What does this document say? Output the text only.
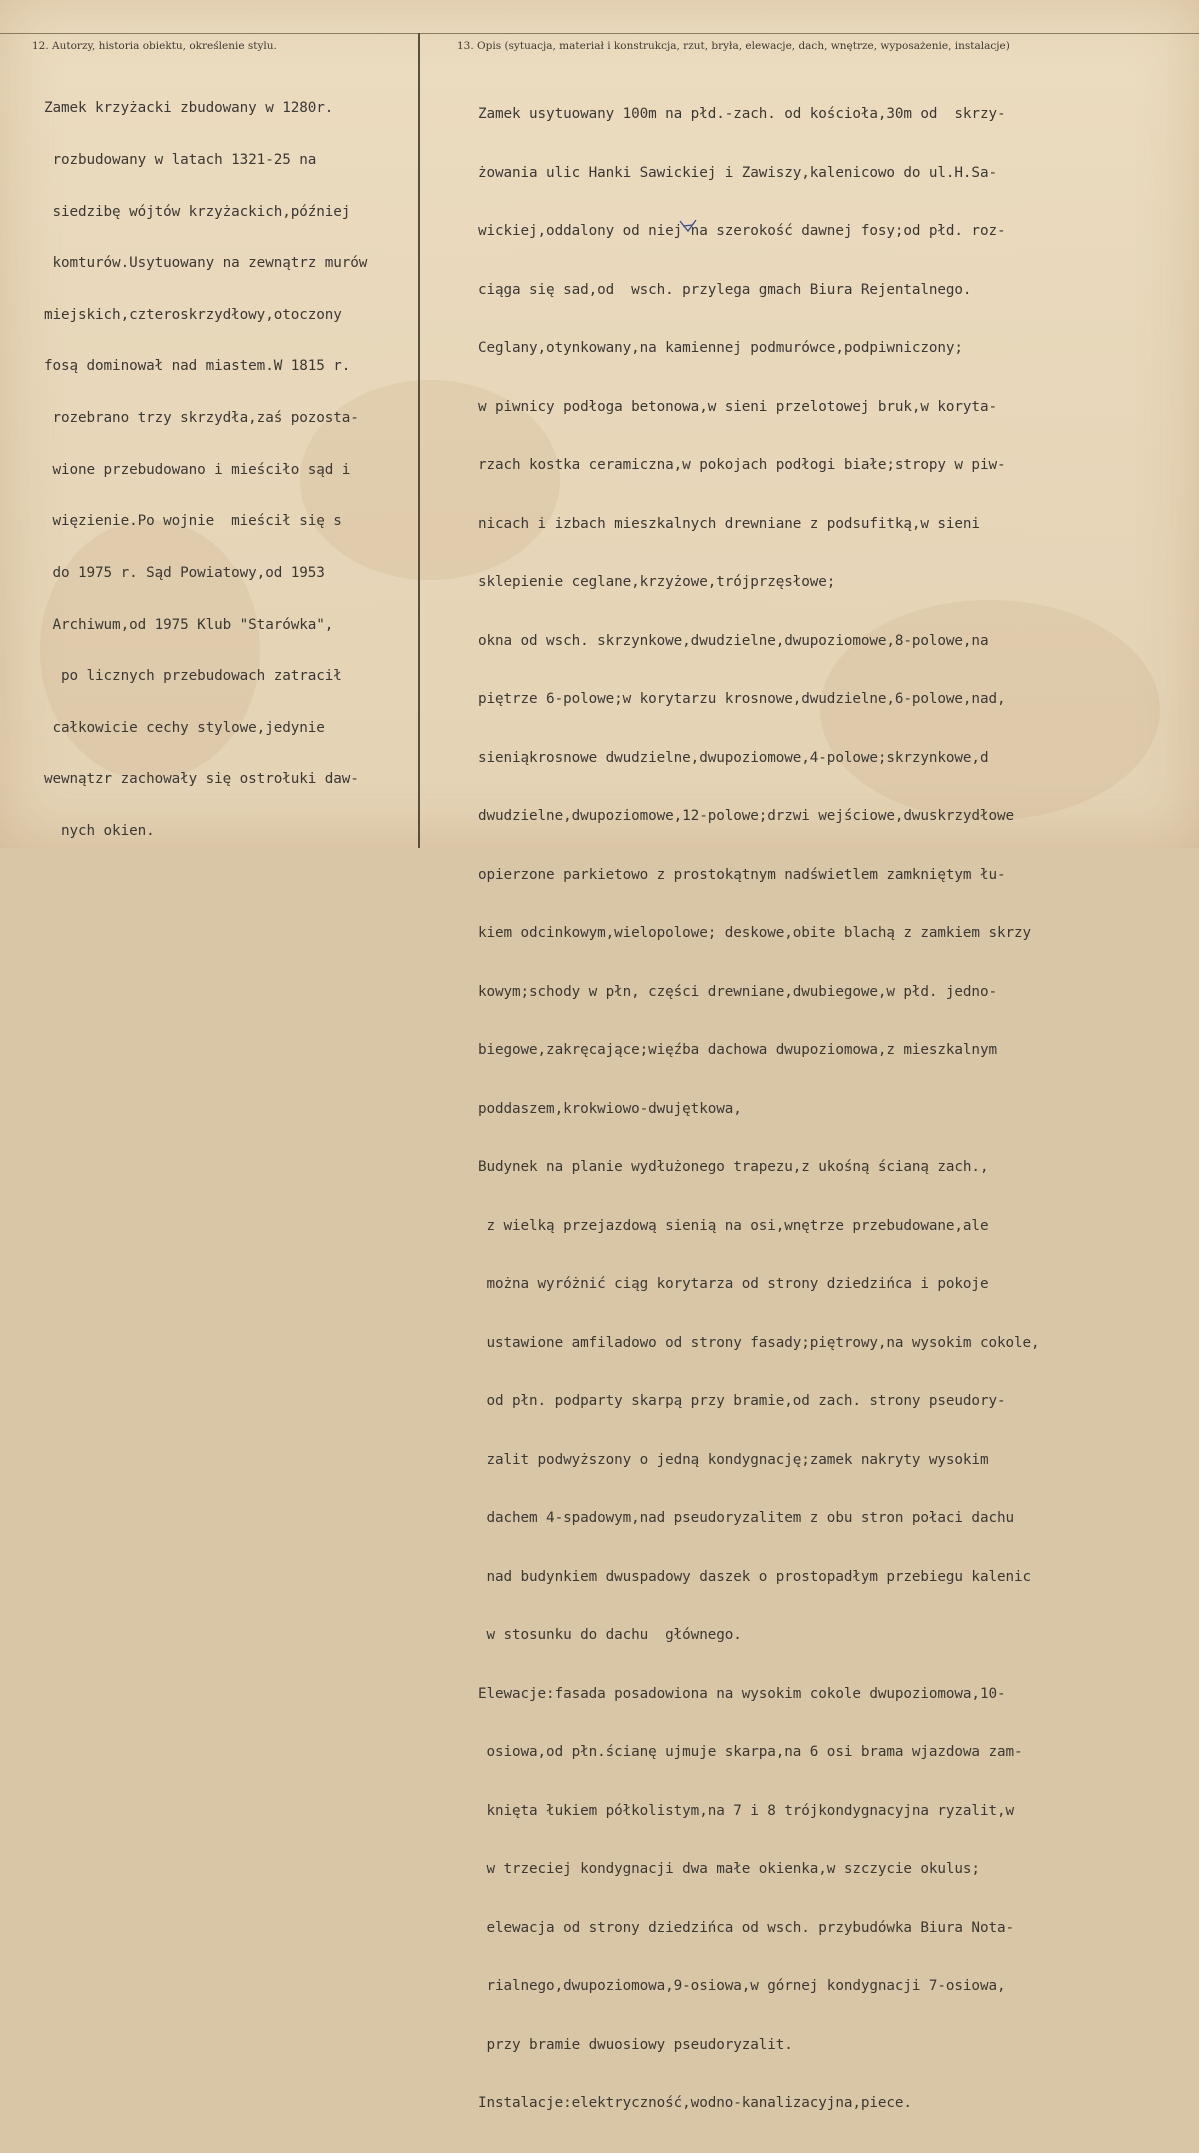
12. Autorzy, historia obiektu, określenie stylu.	13. Opis (sytuacja, materiał i konstrukcja, rzut, bryła, elewacje, dach, wnętrze, wyposażenie, instalacje)

Zamek krzyżacki zbudowany w 1280r.

rozbudowany w latach 1321-25 na

siedzibę wójtów krzyżackich,później

komturów.Usytuowany na zewnątrz murów

miejskich,czteroskrzydłowy,otoczony

fosą dominował nad miastem.W 1815 r.

rozebrano trzy skrzydła,zaś pozosta-

wione przebudowano i mieściło sąd i

więzienie.Po wojnie  mieścił się s

do 1975 r. Sąd Powiatowy,od 1953

Archiwum,od 1975 Klub "Starówka",

po licznych przebudowach zatracił

całkowicie cechy stylowe,jedynie

wewnątzr zachowały się ostrołuki daw-

nych okien.

Zamek usytuowany 100m na płd.-zach. od kościoła,30m od  skrzy-

żowania ulic Hanki Sawickiej i Zawiszy,kalenicowo do ul.H.Sa-

wickiej,oddalony od niej na szerokość dawnej fosy;od płd. roz-

ciąga się sad,od  wsch. przylega gmach Biura Rejentalnego.

Ceglany,otynkowany,na kamiennej podmurówce,podpiwniczony;

w piwnicy podłoga betonowa,w sieni przelotowej bruk,w koryta-

rzach kostka ceramiczna,w pokojach podłogi białe;stropy w piw-

nicach i izbach mieszkalnych drewniane z podsufitką,w sieni

sklepienie ceglane,krzyżowe,trójprzęsłowe;

okna od wsch. skrzynkowe,dwudzielne,dwupoziomowe,8-polowe,na

piętrze 6-polowe;w korytarzu krosnowe,dwudzielne,6-polowe,nad,

sieniąkrosnowe dwudzielne,dwupoziomowe,4-polowe;skrzynkowe,d

dwudzielne,dwupoziomowe,12-polowe;drzwi wejściowe,dwuskrzydłowe

opierzone parkietowo z prostokątnym nadświetlem zamkniętym łu-

kiem odcinkowym,wielopolowe; deskowe,obite blachą z zamkiem skrzy

kowym;schody w płn, części drewniane,dwubiegowe,w płd. jedno-

biegowe,zakręcające;więźba dachowa dwupoziomowa,z mieszkalnym

poddaszem,krokwiowo-dwujętkowa,

Budynek na planie wydłużonego trapezu,z ukośną ścianą zach.,

z wielką przejazdową sienią na osi,wnętrze przebudowane,ale

można wyróżnić ciąg korytarza od strony dziedzińca i pokoje

ustawione amfiladowo od strony fasady;piętrowy,na wysokim cokole,

od płn. podparty skarpą przy bramie,od zach. strony pseudory-

zalit podwyższony o jedną kondygnację;zamek nakryty wysokim

dachem 4-spadowym,nad pseudoryzalitem z obu stron połaci dachu

nad budynkiem dwuspadowy daszek o prostopadłym przebiegu kalenic

w stosunku do dachu  głównego.

Elewacje:fasada posadowiona na wysokim cokole dwupoziomowa,10-

osiowa,od płn.ścianę ujmuje skarpa,na 6 osi brama wjazdowa zam-

knięta łukiem półkolistym,na 7 i 8 trójkondygnacyjna ryzalit,w

w trzeciej kondygnacji dwa małe okienka,w szczycie okulus;

elewacja od strony dziedzińca od wsch. przybudówka Biura Nota-

rialnego,dwupoziomowa,9-osiowa,w górnej kondygnacji 7-osiowa,

przy bramie dwuosiowy pseudoryzalit.

Instalacje:elektryczność,wodno-kanalizacyjna,piece.
